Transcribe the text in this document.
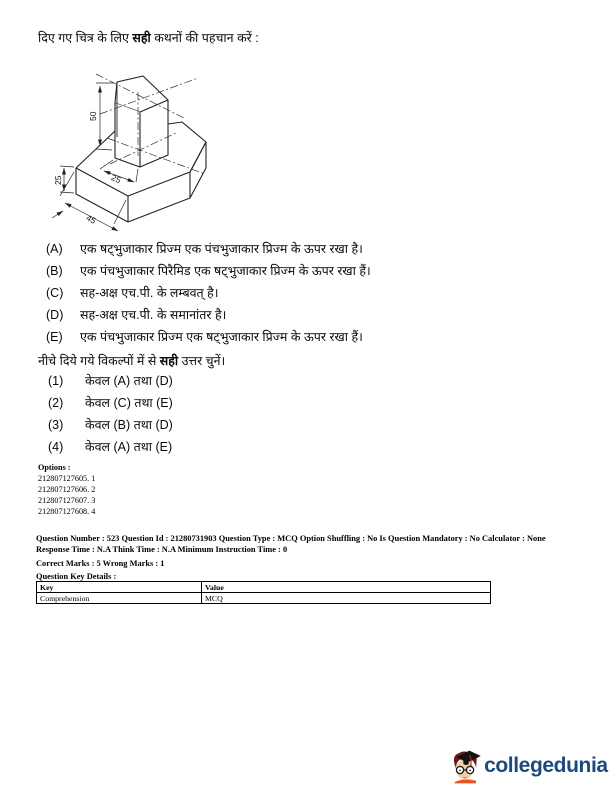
दिए गए चित्र के लिए सही कथनों की पहचान करें :
50
25
25
45
(A)	एक षट्भुजाकार प्रिज्म एक पंचभुजाकार प्रिज्म के ऊपर रखा है।
(B)	एक पंचभुजाकार पिरैमिड एक षट्भुजाकार प्रिज्म के ऊपर रखा हैं।
(C)	सह-अक्ष एच.पी. के लम्बवत् है।
(D)	सह-अक्ष एच.पी. के समानांतर है।
(E)	एक पंचभुजाकार प्रिज्म एक षट्भुजाकार प्रिज्म के ऊपर रखा हैं।
नीचे दिये गये विकल्पों में से सही उत्तर चुनें।
(1)	केवल (A) तथा (D)
(2)	केवल (C) तथा (E)
(3)	केवल (B) तथा (D)
(4)	केवल (A) तथा (E)
Options :
212807127605. 1
212807127606. 2
212807127607. 3
212807127608. 4
Question Number : 523 Question Id : 21280731903 Question Type : MCQ Option Shuffling : No Is Question Mandatory : No Calculator : None
Response Time : N.A Think Time : N.A Minimum Instruction Time : 0
Correct Marks : 5 Wrong Marks : 1
Question Key Details :
Key	Value
Comprehension	MCQ
collegedunia
